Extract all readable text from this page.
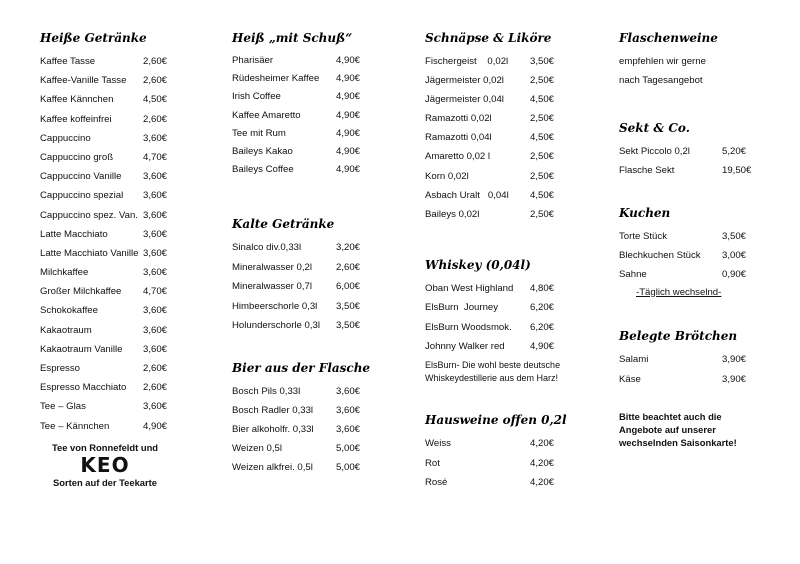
Heiße Getränke
Kaffee Tasse	2,60€
Kaffee-Vanille Tasse 2,60€
Kaffee Kännchen	4,50€
Kaffee koffeinfrei	2,60€
Cappuccino	3,60€
Cappuccino groß	4,70€
Cappuccino Vanille 3,60€
Cappuccino spezial 3,60€
Cappuccino spez. Van. 3,60€
Latte Macchiato	3,60€
Latte Macchiato Vanille 3,60€
Milchkaffee	3,60€
Großer Milchkaffee 4,70€
Schokokaffee	3,60€
Kakaotraum	3,60€
Kakaotraum Vanille 3,60€
Espresso	2,60€
Espresso Macchiato 2,60€
Tee – Glas	3,60€
Tee – Kännchen	4,90€
Heiß „mit Schuß“
Pharisäer	4,90€
Rüdesheimer Kaffee 4,90€
Irish Coffee	4,90€
Kaffee Amaretto	4,90€
Tee mit Rum	4,90€
Baileys Kakao	4,90€
Baileys Coffee	4,90€
Kalte Getränke
Sinalco div.0,33l	3,20€
Mineralwasser 0,2l	2,60€
Mineralwasser 0,7l	6,00€
Himbeerschorle 0,3l 3,50€
Holunderschorle 0,3l 3,50€
Bier aus der Flasche
Bosch Pils 0,33l	3,60€
Bosch Radler 0,33l 3,60€
Bier alkoholfr. 0,33l 3,60€
Weizen 0,5l	5,00€
Weizen alkfrei. 0,5l 5,00€
Schnäpse & Liköre
Fischergeist    0,02l 3,50€
Jägermeister 0,02l	2,50€
Jägermeister 0,04l	4,50€
Ramazotti 0,02l	2,50€
Ramazotti 0,04l	4,50€
Amaretto 0,02 l	2,50€
Korn 0,02l	2,50€
Asbach Uralt   0,04l 4,50€
Baileys 0,02l	2,50€
Whiskey (0,04l)
Oban West Highland 4,80€
ElsBurn  Journey	6,20€
ElsBurn Woodsmok. 6,20€
Johnny Walker red	4,90€
ElsBurn- Die wohl beste deutsche
Whiskeydestillerie aus dem Harz!
Hausweine offen 0,2l
Weiss	4,20€
Rot	4,20€
Rosé	4,20€
Flaschenweine
empfehlen wir gerne
nach Tagesangebot
Sekt & Co.
Sekt Piccolo 0,2l	5,20€
Flasche Sekt	19,50€
Kuchen
Torte Stück	3,50€
Blechkuchen Stück 3,00€
Sahne	0,90€
-Täglich wechselnd-
Belegte Brötchen
Salami	3,90€
Käse	3,90€
Tee von Ronnefeldt und
KEO
Sorten auf der Teekarte
Bitte beachtet auch die
Angebote auf unserer
wechselnden Saisonkarte!
